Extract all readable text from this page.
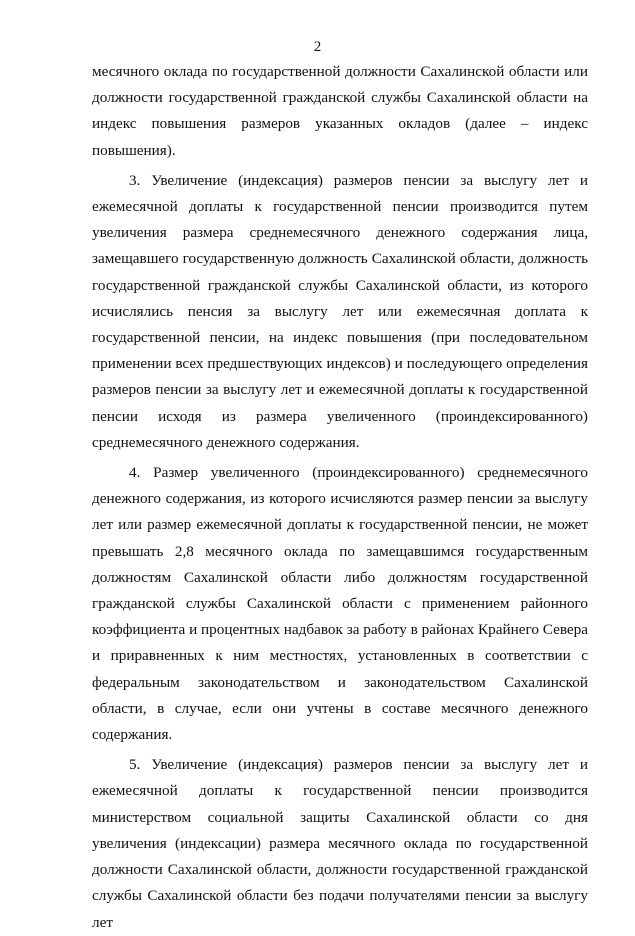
2

месячного оклада по государственной должности Сахалинской области или должности государственной гражданской службы Сахалинской области на индекс повышения размеров указанных окладов (далее – индекс повышения).

3. Увеличение (индексация) размеров пенсии за выслугу лет и ежемесячной доплаты к государственной пенсии производится путем увеличения размера среднемесячного денежного содержания лица, замещавшего государственную должность Сахалинской области, должность государственной гражданской службы Сахалинской области, из которого исчислялись пенсия за выслугу лет или ежемесячная доплата к государственной пенсии, на индекс повышения (при последовательном применении всех предшествующих индексов) и последующего определения размеров пенсии за выслугу лет и ежемесячной доплаты к государственной пенсии исходя из размера увеличенного (проиндексированного) среднемесячного денежного содержания.

4. Размер увеличенного (проиндексированного) среднемесячного денежного содержания, из которого исчисляются размер пенсии за выслугу лет или размер ежемесячной доплаты к государственной пенсии, не может превышать 2,8 месячного оклада по замещавшимся государственным должностям Сахалинской области либо должностям государственной гражданской службы Сахалинской области с применением районного коэффициента и процентных надбавок за работу в районах Крайнего Севера и приравненных к ним местностях, установленных в соответствии с федеральным законодательством и законодательством Сахалинской области, в случае, если они учтены в составе месячного денежного содержания.

5. Увеличение (индексация) размеров пенсии за выслугу лет и ежемесячной доплаты к государственной пенсии производится министерством социальной защиты Сахалинской области со дня увеличения (индексации) размера месячного оклада по государственной должности Сахалинской области, должности государственной гражданской службы Сахалинской области без подачи получателями пенсии за выслугу лет
